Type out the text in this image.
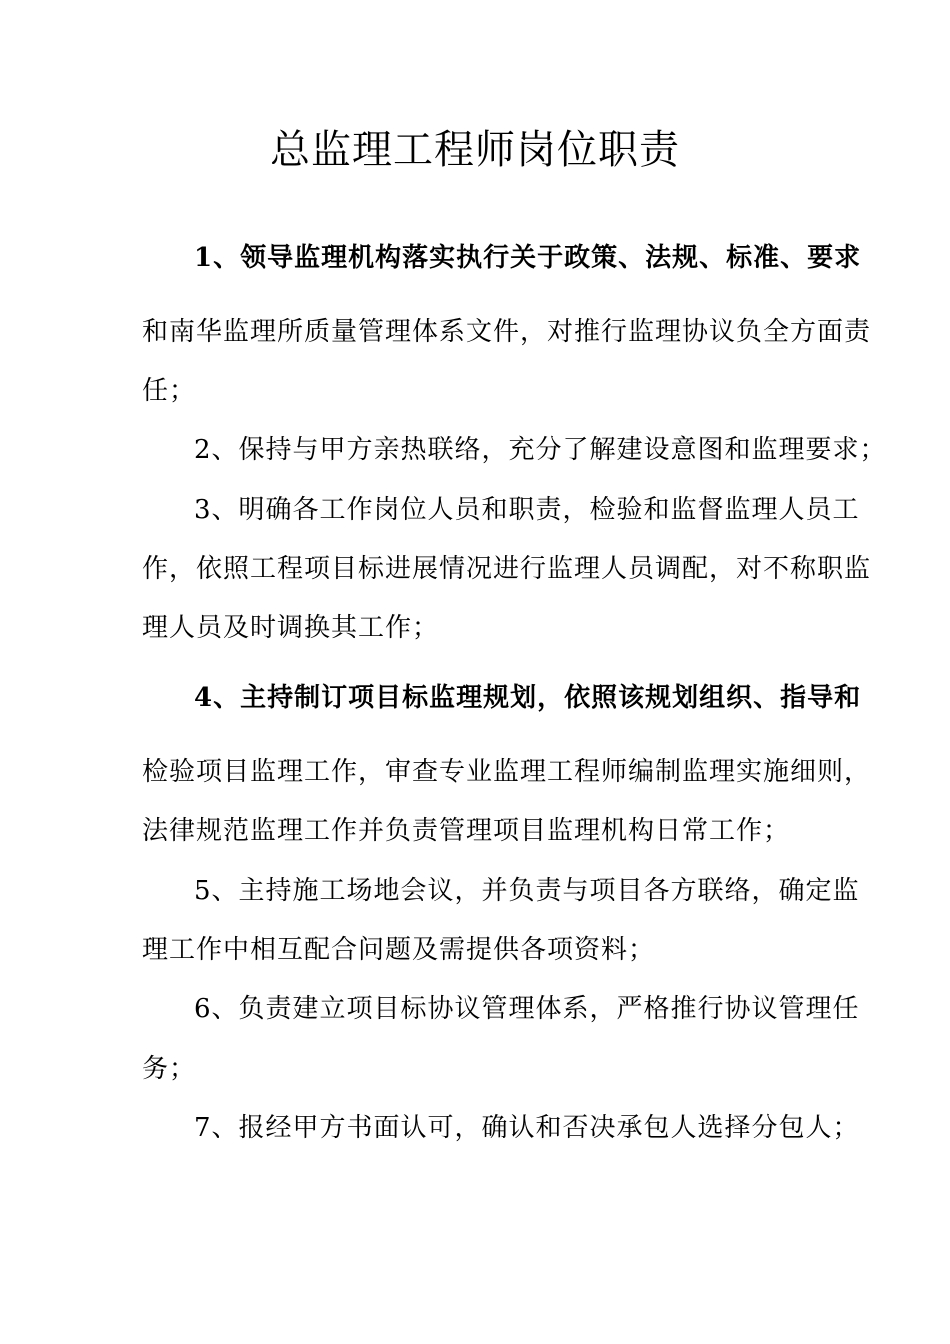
总监理工程师岗位职责

1、领导监理机构落实执行关于政策、法规、标准、要求

和南华监理所质量管理体系文件，对推行监理协议负全方面责

任；

2、保持与甲方亲热联络，充分了解建设意图和监理要求；

3、明确各工作岗位人员和职责，检验和监督监理人员工

作，依照工程项目标进展情况进行监理人员调配，对不称职监

理人员及时调换其工作；

4、主持制订项目标监理规划，依照该规划组织、指导和

检验项目监理工作，审查专业监理工程师编制监理实施细则，

法律规范监理工作并负责管理项目监理机构日常工作；

5、主持施工场地会议，并负责与项目各方联络，确定监

理工作中相互配合问题及需提供各项资料；

6、负责建立项目标协议管理体系，严格推行协议管理任

务；

7、报经甲方书面认可，确认和否决承包人选择分包人；
